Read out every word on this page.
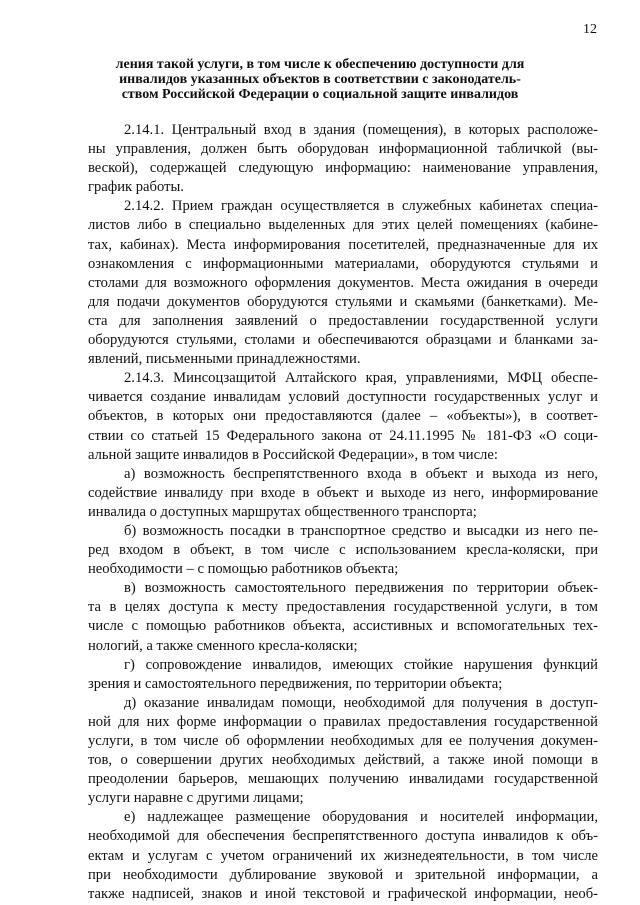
12
ления такой услуги, в том числе к обеспечению доступности для
инвалидов указанных объектов в соответствии с законодатель-
ством Российской Федерации о социальной защите инвалидов
2.14.1. Центральный вход в здания (помещения), в которых расположе-
ны управления, должен быть оборудован информационной табличкой (вы-
веской), содержащей следующую информацию: наименование управления,
график работы.
2.14.2. Прием граждан осуществляется в служебных кабинетах специа-
листов либо в специально выделенных для этих целей помещениях (кабине-
тах, кабинах). Места информирования посетителей, предназначенные для их
ознакомления с информационными материалами, оборудуются стульями и
столами для возможного оформления документов. Места ожидания в очереди
для подачи документов оборудуются стульями и скамьями (банкетками). Ме-
ста для заполнения заявлений о предоставлении государственной услуги
оборудуются стульями, столами и обеспечиваются образцами и бланками за-
явлений, письменными принадлежностями.
2.14.3. Минсоцзащитой Алтайского края, управлениями, МФЦ обеспе-
чивается создание инвалидам условий доступности государственных услуг и
объектов, в которых они предоставляются (далее – «объекты»), в соответ-
ствии со статьей 15 Федерального закона от 24.11.1995 № 181-ФЗ «О соци-
альной защите инвалидов в Российской Федерации», в том числе:
а) возможность беспрепятственного входа в объект и выхода из него,
содействие инвалиду при входе в объект и выходе из него, информирование
инвалида о доступных маршрутах общественного транспорта;
б) возможность посадки в транспортное средство и высадки из него пе-
ред входом в объект, в том числе с использованием кресла-коляски, при
необходимости – с помощью работников объекта;
в) возможность самостоятельного передвижения по территории объек-
та в целях доступа к месту предоставления государственной услуги, в том
числе с помощью работников объекта, ассистивных и вспомогательных тех-
нологий, а также сменного кресла-коляски;
г) сопровождение инвалидов, имеющих стойкие нарушения функций
зрения и самостоятельного передвижения, по территории объекта;
д) оказание инвалидам помощи, необходимой для получения в доступ-
ной для них форме информации о правилах предоставления государственной
услуги, в том числе об оформлении необходимых для ее получения докумен-
тов, о совершении других необходимых действий, а также иной помощи в
преодолении барьеров, мешающих получению инвалидами государственной
услуги наравне с другими лицами;
е) надлежащее размещение оборудования и носителей информации,
необходимой для обеспечения беспрепятственного доступа инвалидов к объ-
ектам и услугам с учетом ограничений их жизнедеятельности, в том числе
при необходимости дублирование звуковой и зрительной информации, а
также надписей, знаков и иной текстовой и графической информации, необ-
